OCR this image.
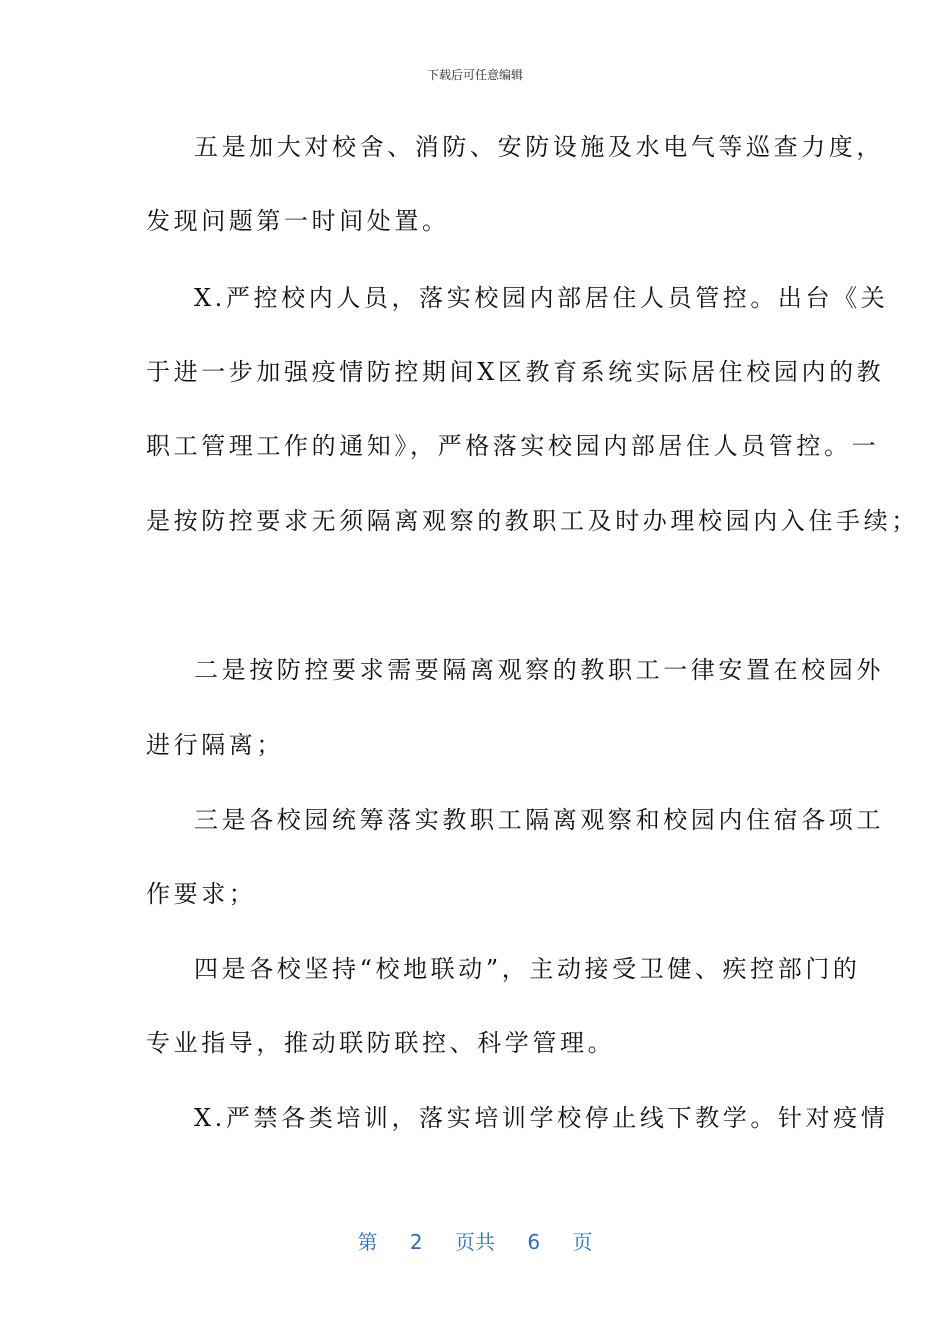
下载后可任意编辑
五是加大对校舍、消防、安防设施及水电气等巡查力度，
发现问题第一时间处置。
X.严控校内人员，落实校园内部居住人员管控。出台《关
于进一步加强疫情防控期间X区教育系统实际居住校园内的教
职工管理工作的通知》，严格落实校园内部居住人员管控。一
是按防控要求无须隔离观察的教职工及时办理校园内入住手续；
二是按防控要求需要隔离观察的教职工一律安置在校园外
进行隔离；
三是各校园统筹落实教职工隔离观察和校园内住宿各项工
作要求；
四是各校坚持“校地联动”，主动接受卫健、疾控部门的
专业指导，推动联防联控、科学管理。
X.严禁各类培训，落实培训学校停止线下教学。针对疫情
第 2 页共 6 页
